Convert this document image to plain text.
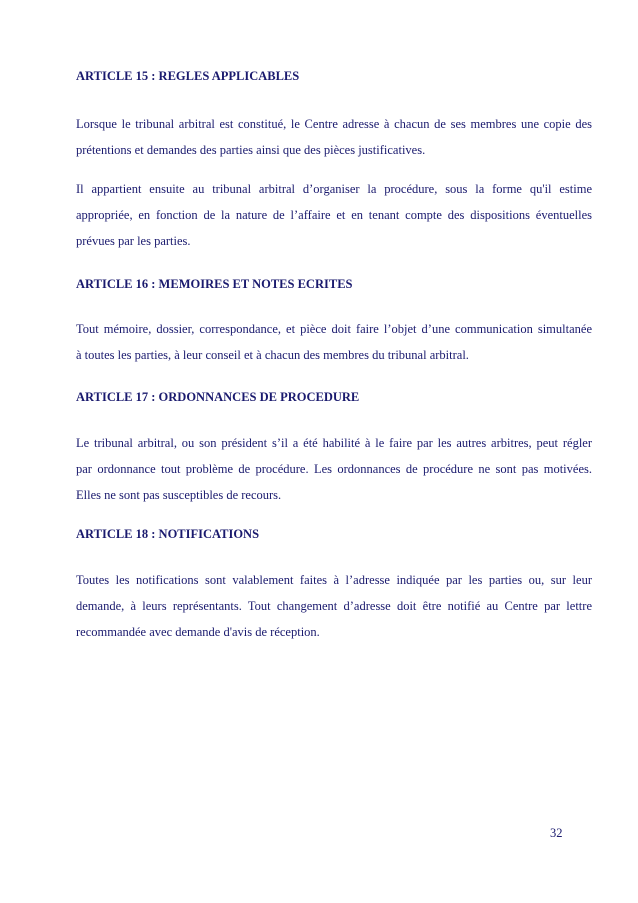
ARTICLE 15 : REGLES APPLICABLES
Lorsque le tribunal arbitral est constitué, le Centre adresse à chacun de ses membres une copie des
prétentions et demandes des parties ainsi que des pièces justificatives.
Il appartient ensuite au tribunal arbitral d’organiser la procédure, sous la forme qu'il estime
appropriée, en fonction de la nature de l’affaire et en tenant compte des dispositions éventuelles
prévues par les parties.
ARTICLE 16 : MEMOIRES ET NOTES ECRITES
Tout mémoire, dossier, correspondance, et pièce doit faire l’objet d’une communication simultanée
à toutes les parties, à leur conseil et à chacun des membres du tribunal arbitral.
ARTICLE 17 : ORDONNANCES DE PROCEDURE
Le tribunal arbitral, ou son président s’il a été habilité à le faire par les autres arbitres, peut régler
par ordonnance tout problème de procédure. Les ordonnances de procédure ne sont pas motivées.
Elles ne sont pas susceptibles de recours.
ARTICLE 18 : NOTIFICATIONS
Toutes les notifications sont valablement faites à l’adresse indiquée par les parties ou, sur leur
demande, à leurs représentants. Tout changement d’adresse doit être notifié au Centre par lettre
recommandée avec demande d'avis de réception.
32
